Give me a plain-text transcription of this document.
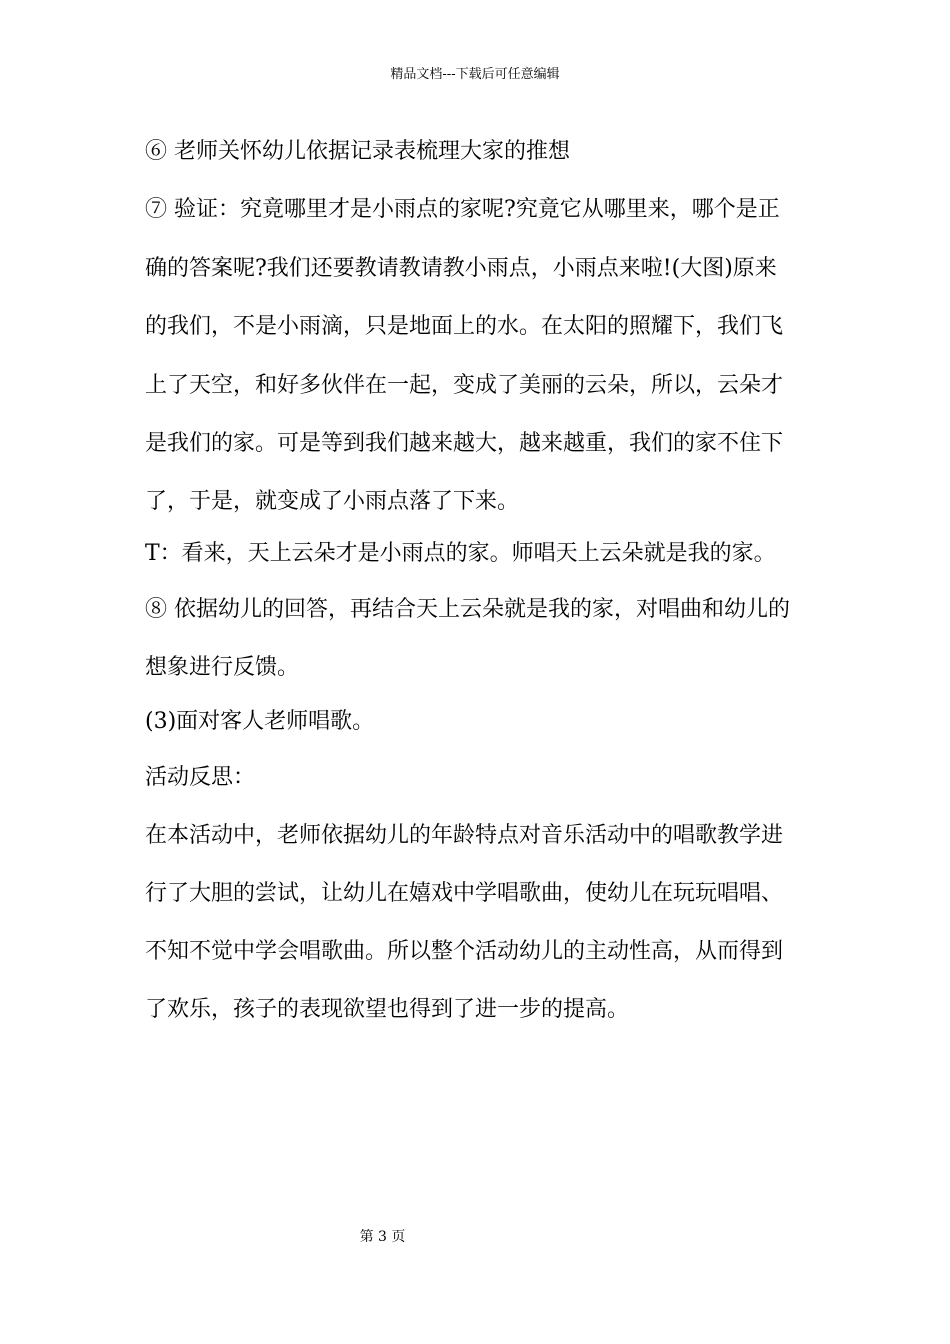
精品文档---下载后可任意编辑
⑥ 老师关怀幼儿依据记录表梳理大家的推想
⑦ 验证：究竟哪里才是小雨点的家呢?究竟它从哪里来，哪个是正
确的答案呢?我们还要教请教请教小雨点，小雨点来啦!(大图)原来
的我们，不是小雨滴，只是地面上的水。在太阳的照耀下，我们飞
上了天空，和好多伙伴在一起，变成了美丽的云朵，所以，云朵才
是我们的家。可是等到我们越来越大，越来越重，我们的家不住下
了，于是，就变成了小雨点落了下来。
T：看来，天上云朵才是小雨点的家。师唱天上云朵就是我的家。
⑧ 依据幼儿的回答，再结合天上云朵就是我的家，对唱曲和幼儿的
想象进行反馈。
(3)面对客人老师唱歌。
活动反思：
在本活动中，老师依据幼儿的年龄特点对音乐活动中的唱歌教学进
行了大胆的尝试，让幼儿在嬉戏中学唱歌曲，使幼儿在玩玩唱唱、
不知不觉中学会唱歌曲。所以整个活动幼儿的主动性高，从而得到
了欢乐，孩子的表现欲望也得到了进一步的提高。
第 3 页
